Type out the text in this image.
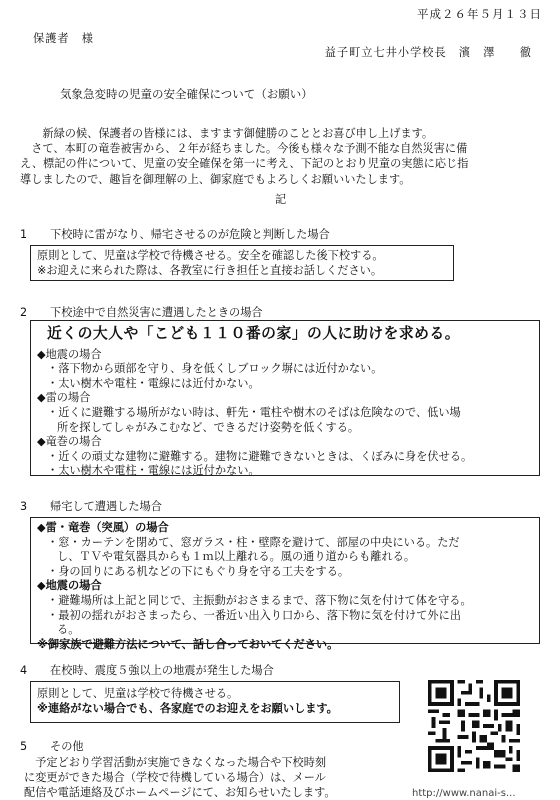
平成２６年５月１３日
保護者　様
益子町立七井小学校長　濱　澤　　徹
気象急変時の児童の安全確保について（お願い）

新緑の候、保護者の皆様には、ますます御健勝のこととお喜び申し上げます。

さて、本町の竜巻被害から、２年が経ちました。今後も様々な予測不能な自然災害に備

え、標記の件について、児童の安全確保を第一に考え、下記のとおり児童の実態に応じ指

導しましたので、趣旨を御理解の上、御家庭でもよろしくお願いいたします。

記
1 下校時に雷がなり、帰宅させるのが危険と判断した場合
原則として、児童は学校で待機させる。安全を確認した後下校する。
※お迎えに来られた際は、各教室に行き担任と直接お話しください。
2 下校途中で自然災害に遭遇したときの場合
近くの大人や「こども１１０番の家」の人に助けを求める。
◆地震の場合
・落下物から頭部を守り、身を低くしブロック塀には近付かない。
・太い樹木や電柱・電線には近付かない。
◆雷の場合
・近くに避難する場所がない時は、軒先・電柱や樹木のそばは危険なので、低い場
所を探してしゃがみこむなど、できるだけ姿勢を低くする。
◆竜巻の場合
・近くの頑丈な建物に避難する。建物に避難できないときは、くぼみに身を伏せる。
・太い樹木や電柱・電線には近付かない。
3 帰宅して遭遇した場合
◆雷・竜巻（突風）の場合
・窓・カーテンを閉めて、窓ガラス・柱・壁際を避けて、部屋の中央にいる。ただ
し、ＴＶや電気器具からも１ｍ以上離れる。風の通り道からも離れる。
・身の回りにある机などの下にもぐり身を守る工夫をする。
◆地震の場合
・避難場所は上記と同じで、主振動がおさまるまで、落下物に気を付けて体を守る。
・最初の揺れがおさまったら、一番近い出入り口から、落下物に気を付けて外に出
る。
※御家族で避難方法について、話し合っておいてください。
4 在校時、震度５強以上の地震が発生した場合
原則として、児童は学校で待機させる。
※連絡がない場合でも、各家庭でのお迎えをお願いします。
5 その他

予定どおり学習活動が実施できなくなった場合や下校時刻

に変更ができた場合（学校で待機している場合）は、メール

配信や電話連絡及びホームページにて、お知らせいたします。	http://www.nanai-s...
